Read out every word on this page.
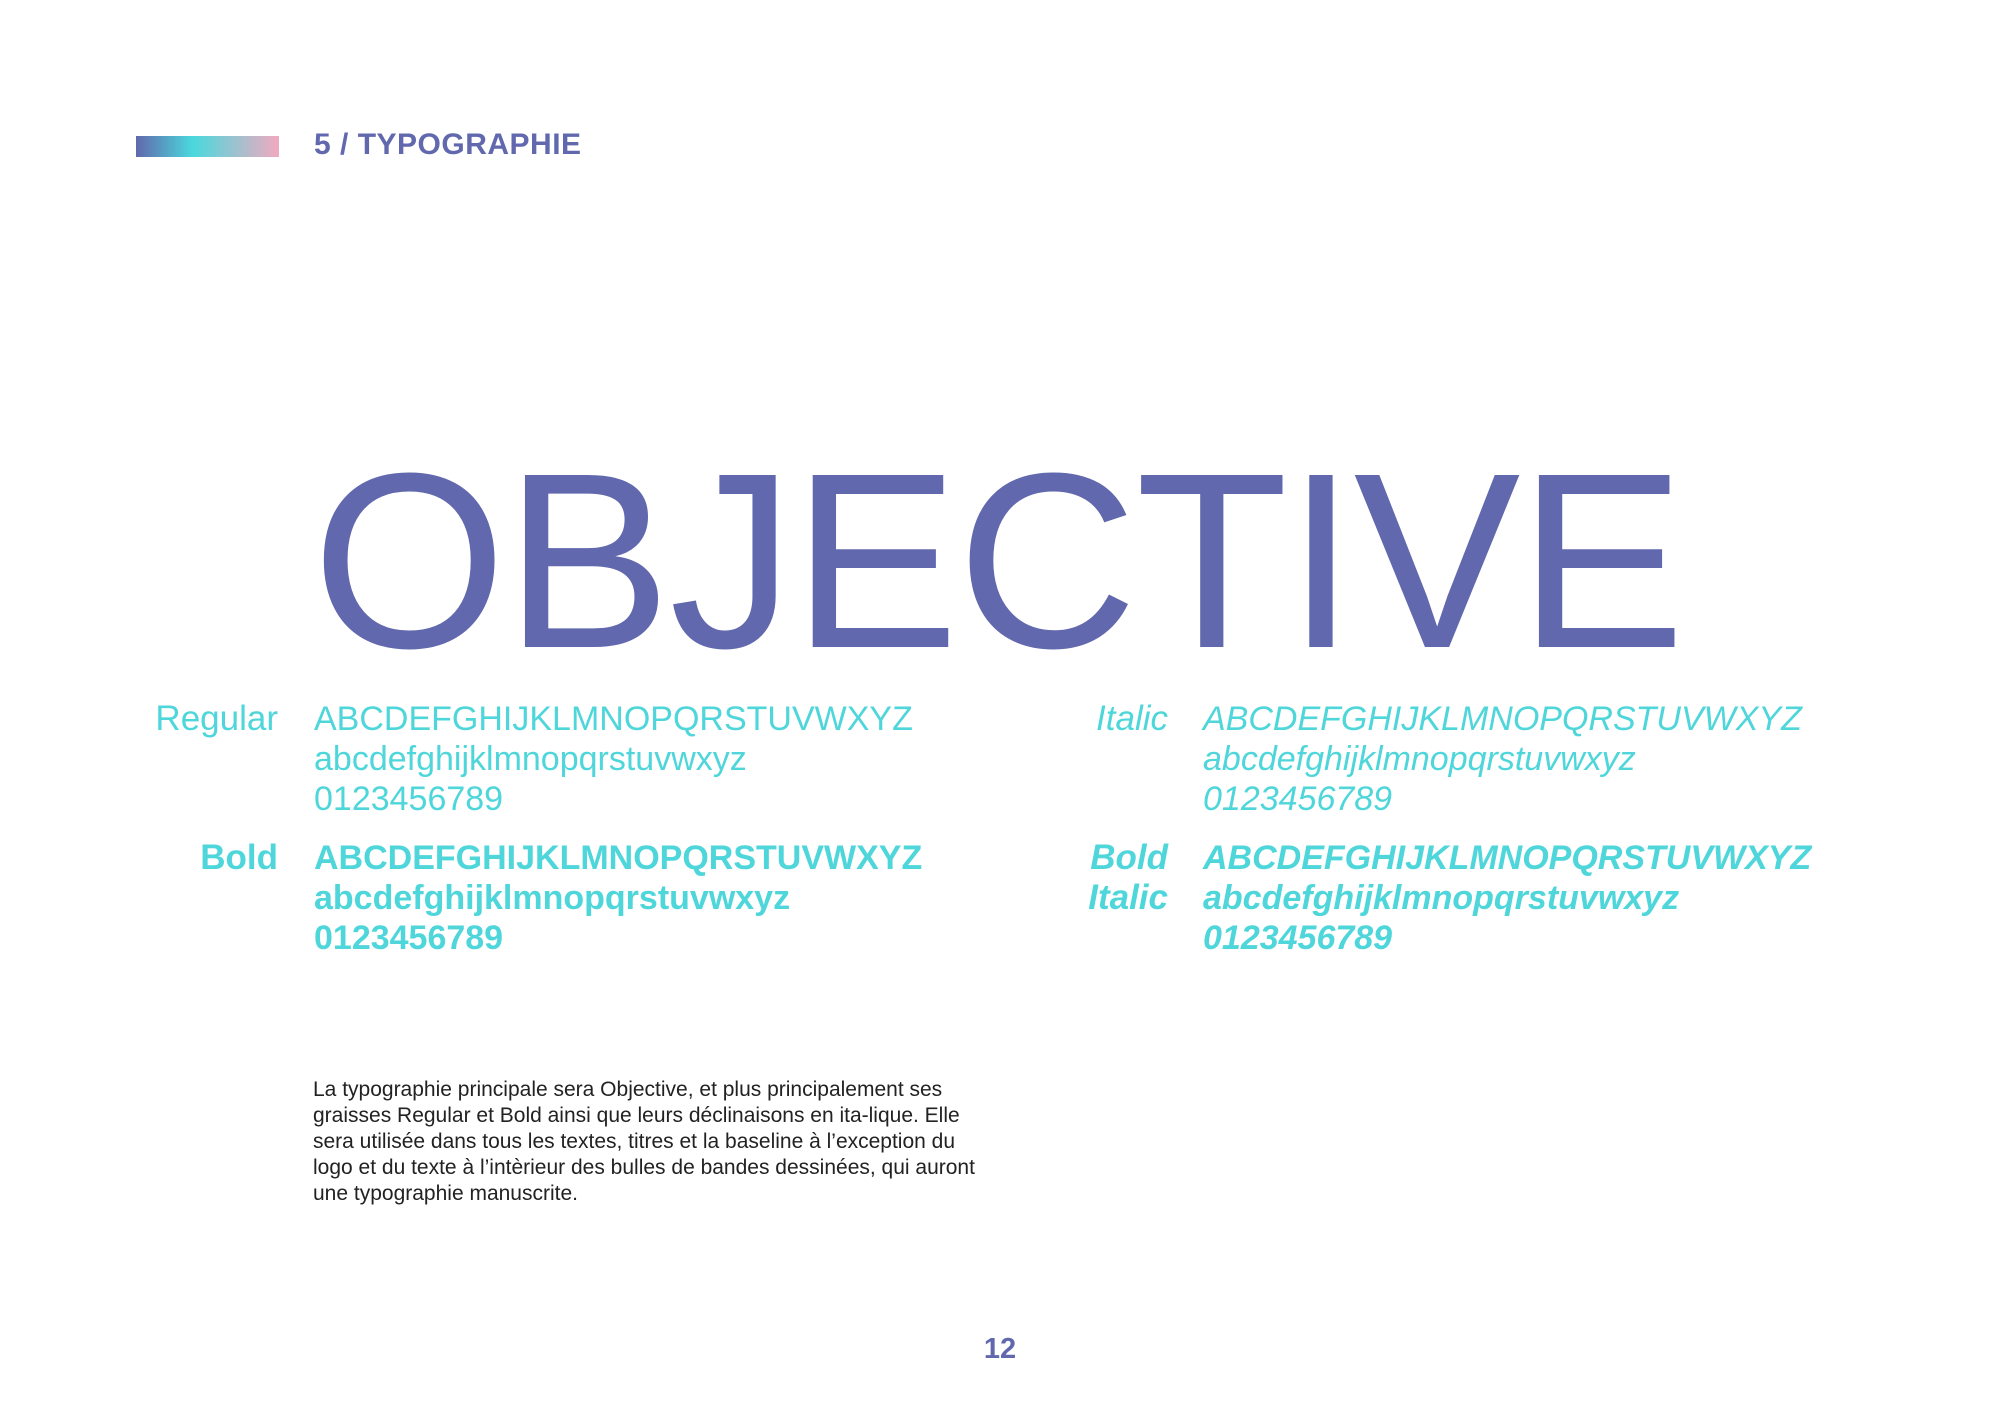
5 / TYPOGRAPHIE
OBJECTIVE
Regular ABCDEFGHIJKLMNOPQRSTUVWXYZ
abcdefghijklmnopqrstuvwxyz
0123456789
Bold ABCDEFGHIJKLMNOPQRSTUVWXYZ
abcdefghijklmnopqrstuvwxyz
0123456789
Italic ABCDEFGHIJKLMNOPQRSTUVWXYZ
abcdefghijklmnopqrstuvwxyz
0123456789
Bold
Italic
ABCDEFGHIJKLMNOPQRSTUVWXYZ
abcdefghijklmnopqrstuvwxyz
0123456789
La typographie principale sera Objective, et plus principalement ses graisses Regular et Bold ainsi que leurs déclinaisons en ita-lique. Elle sera utilisée dans tous les textes, titres et la baseline à l’exception du logo et du texte à l’intèrieur des bulles de bandes dessinées, qui auront une typographie manuscrite.
12
